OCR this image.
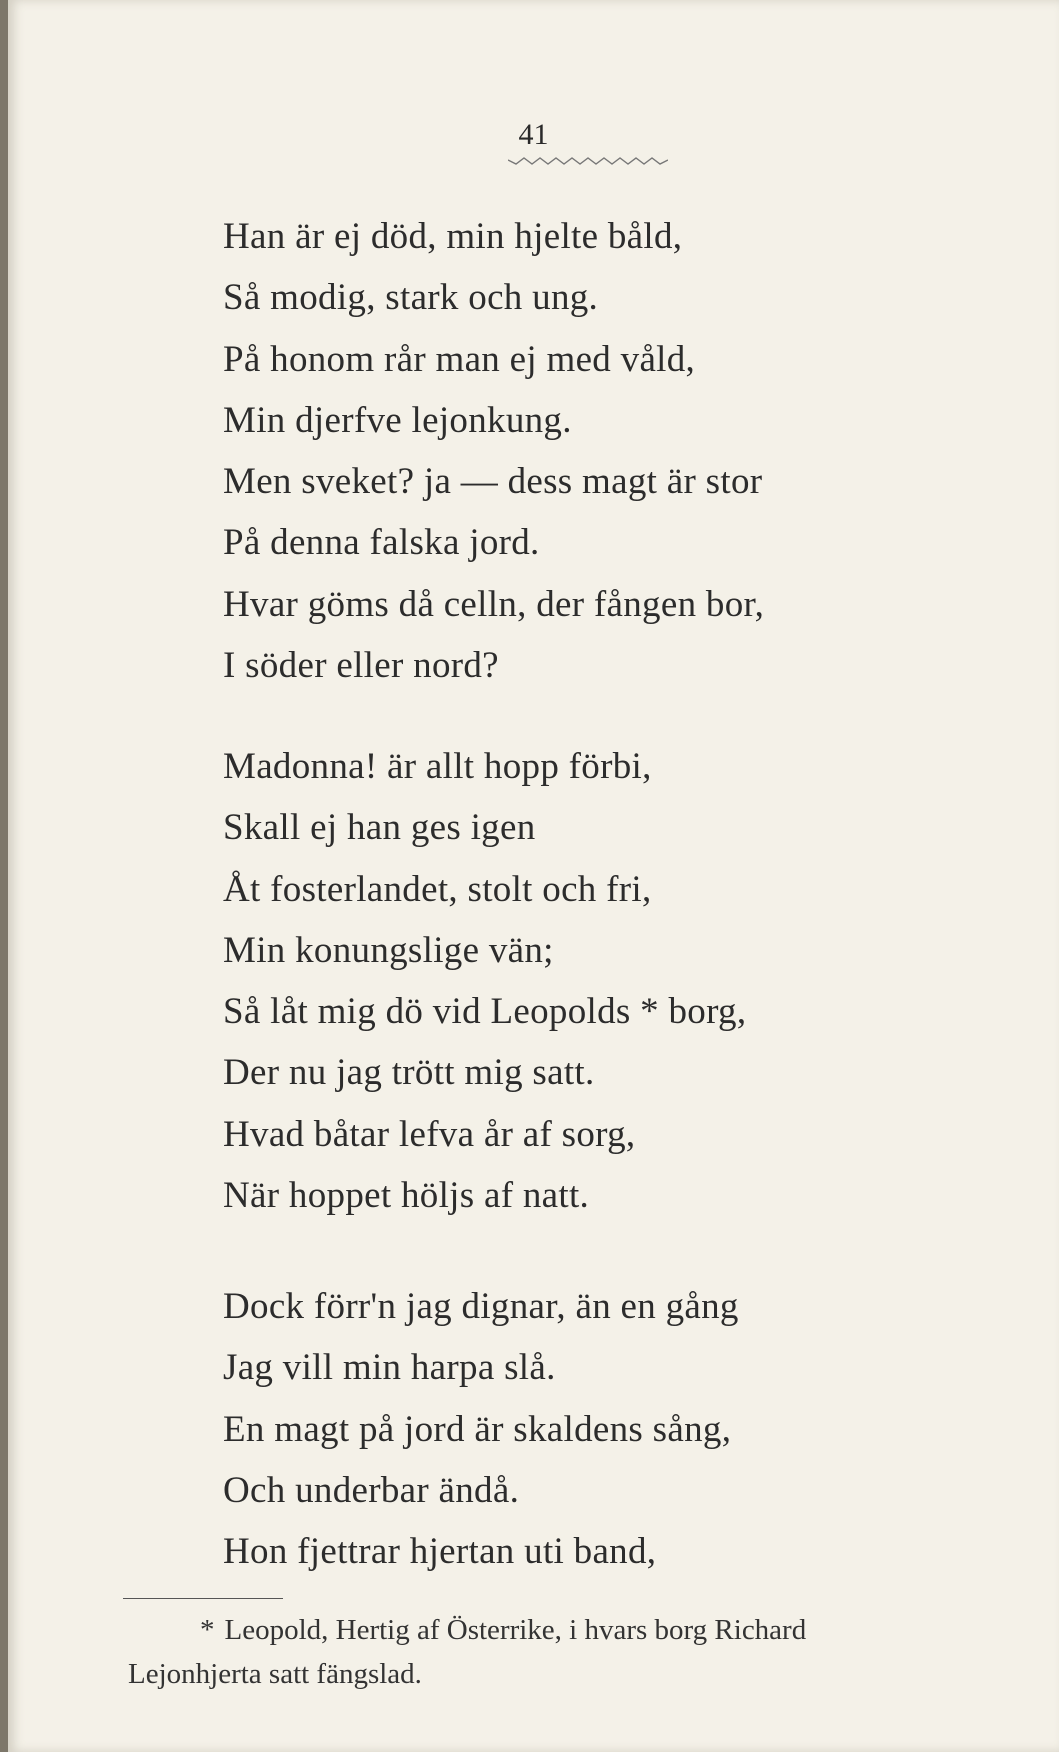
41
Han är ej död, min hjelte båld,
Så modig, stark och ung.
På honom rår man ej med våld,
Min djerfve lejonkung.
Men sveket? ja — dess magt är stor
På denna falska jord.
Hvar göms då celln, der fången bor,
I söder eller nord?
Madonna! är allt hopp förbi,
Skall ej han ges igen
Åt fosterlandet, stolt och fri,
Min konungslige vän;
Så låt mig dö vid Leopolds * borg,
Der nu jag trött mig satt.
Hvad båtar lefva år af sorg,
När hoppet höljs af natt.
Dock förr'n jag dignar, än en gång
Jag vill min harpa slå.
En magt på jord är skaldens sång,
Och underbar ändå.
Hon fjettrar hjertan uti band,
* Leopold, Hertig af Österrike, i hvars borg Richard
Lejonhjerta satt fängslad.
